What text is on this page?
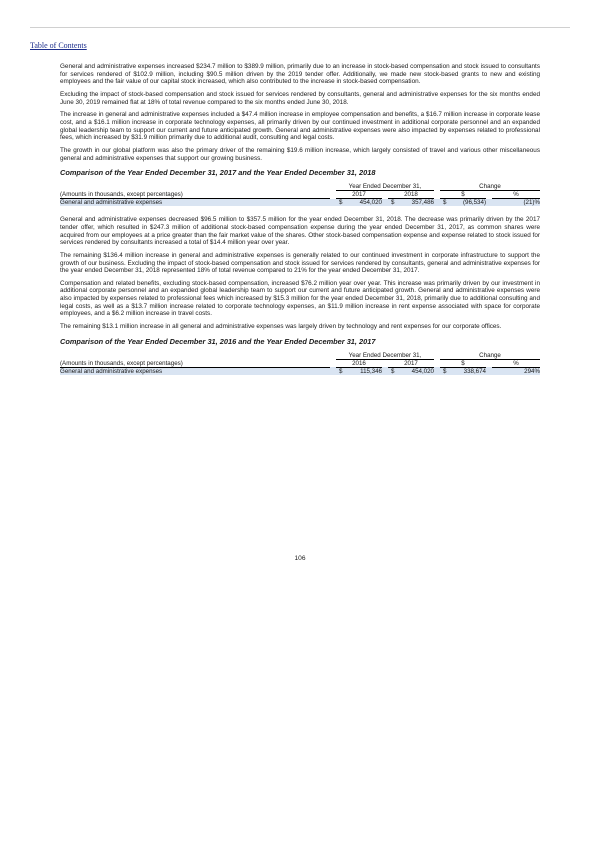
Table of Contents

General and administrative expenses increased $234.7 million to $389.9 million, primarily due to an increase in stock-based compensation and stock issued to consultants for services rendered of $102.9 million, including $90.5 million driven by the 2019 tender offer. Additionally, we made new stock-based grants to new and existing employees and the fair value of our capital stock increased, which also contributed to the increase in stock-based compensation.

Excluding the impact of stock-based compensation and stock issued for services rendered by consultants, general and administrative expenses for the six months ended June 30, 2019 remained flat at 18% of total revenue compared to the six months ended June 30, 2018.

The increase in general and administrative expenses included a $47.4 million increase in employee compensation and benefits, a $16.7 million increase in corporate lease cost, and a $16.1 million increase in corporate technology expenses, all primarily driven by our continued investment in additional corporate personnel and an expanded global leadership team to support our current and future anticipated growth. General and administrative expenses were also impacted by expenses related to professional fees, which increased by $31.9 million primarily due to additional audit, consulting and legal costs.

The growth in our global platform was also the primary driver of the remaining $19.6 million increase, which largely consisted of travel and various other miscellaneous general and administrative expenses that support our growing business.

Comparison of the Year Ended December 31, 2017 and the Year Ended December 31, 2018
		Year Ended December 31,						Change			
(Amounts in thousands, except percentages)		2017			2018			$			%
General and administrative expenses		$	454,020		$	357,486		$	(96,534)		(21)%

General and administrative expenses decreased $96.5 million to $357.5 million for the year ended December 31, 2018. The decrease was primarily driven by the 2017 tender offer, which resulted in $247.3 million of additional stock-based compensation expense during the year ended December 31, 2017, as common shares were acquired from our employees at a price greater than the fair market value of the shares. Other stock-based compensation expense and expense related to stock issued for services rendered by consultants increased a total of $14.4 million year over year.

The remaining $136.4 million increase in general and administrative expenses is generally related to our continued investment in corporate infrastructure to support the growth of our business. Excluding the impact of stock-based compensation and stock issued for services rendered by consultants, general and administrative expenses for the year ended December 31, 2018 represented 18% of total revenue compared to 21% for the year ended December 31, 2017.

Compensation and related benefits, excluding stock-based compensation, increased $76.2 million year over year. This increase was primarily driven by our investment in additional corporate personnel and an expanded global leadership team to support our current and future anticipated growth. General and administrative expenses were also impacted by expenses related to professional fees which increased by $15.3 million for the year ended December 31, 2018, primarily due to additional consulting and legal costs, as well as a $13.7 million increase related to corporate technology expenses, an $11.9 million increase in rent expense associated with space for corporate employees, and a $6.2 million increase in travel costs.

The remaining $13.1 million increase in all general and administrative expenses was largely driven by technology and rent expenses for our corporate offices.

Comparison of the Year Ended December 31, 2016 and the Year Ended December 31, 2017
		Year Ended December 31,						Change			
(Amounts in thousands, except percentages)		2016			2017			$			%
General and administrative expenses		$	115,346		$	454,020		$	338,674		294%
106
